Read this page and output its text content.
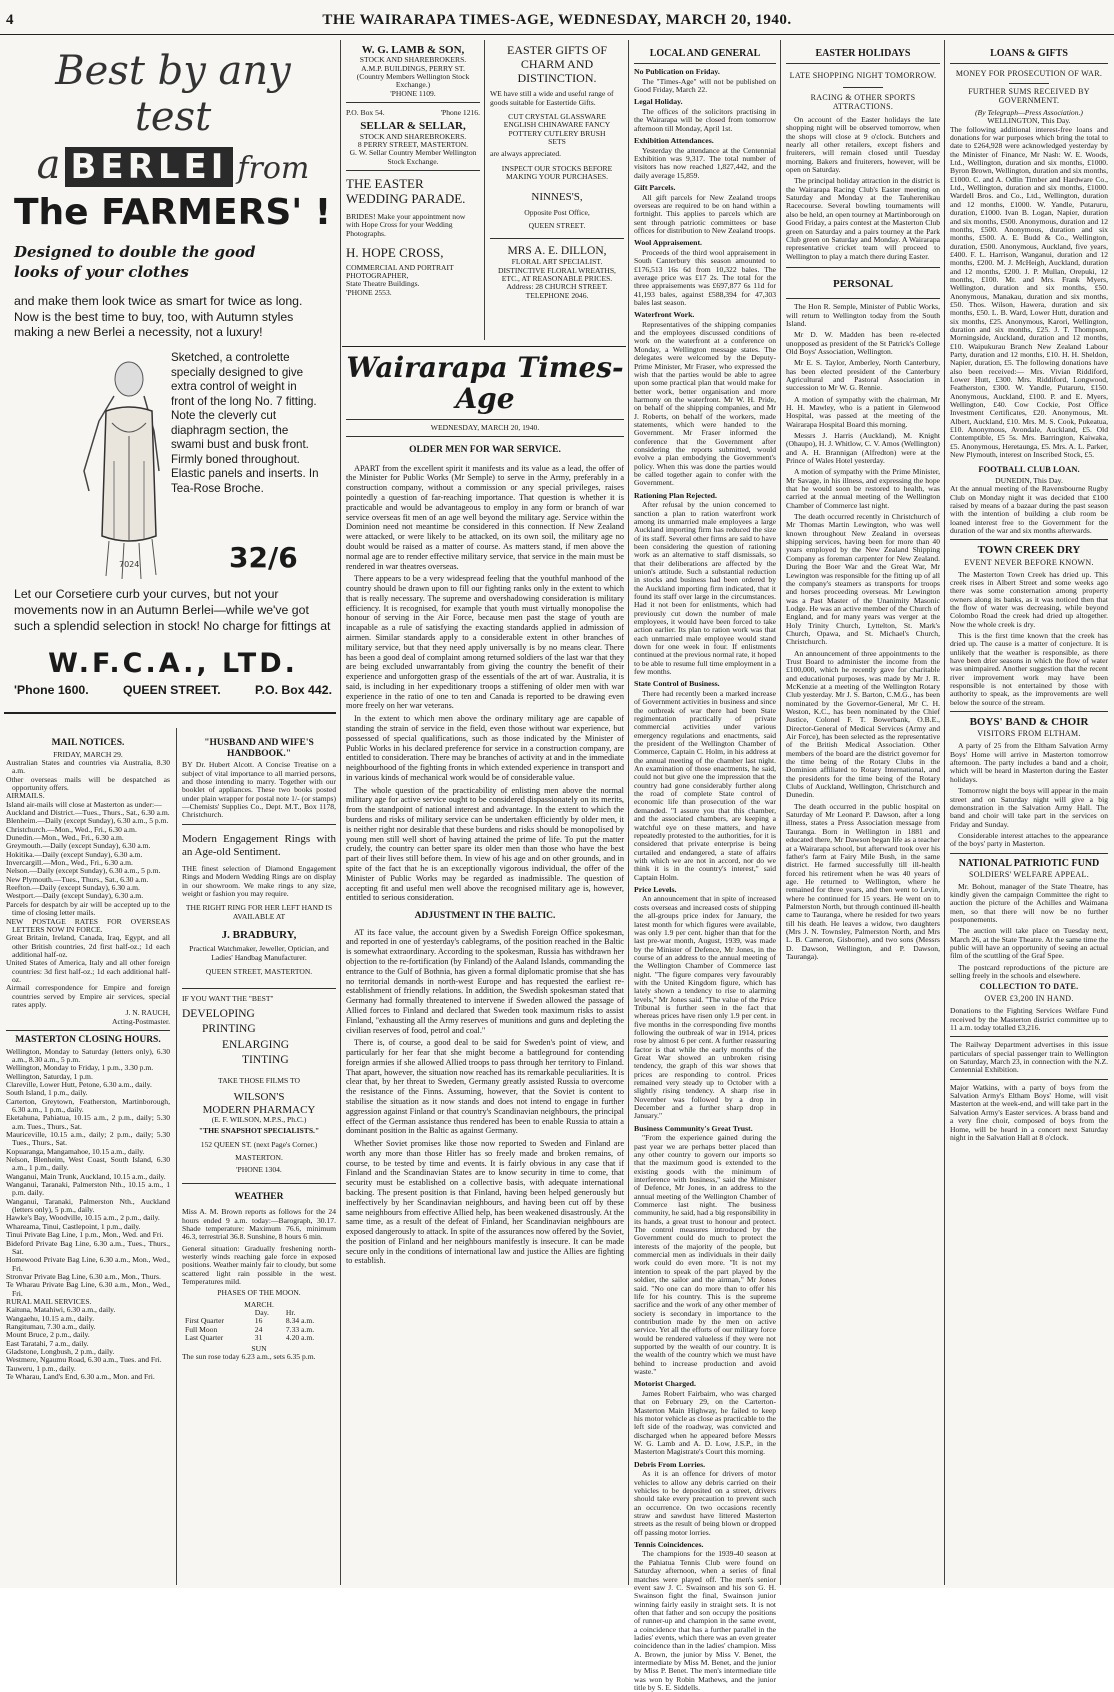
4	THE WAIRARAPA TIMES-AGE, WEDNESDAY, MARCH 20, 1940.
Best by any test
a BERLEI from
The FARMERS' !
Designed to double the good looks of your clothes
and make them look twice as smart for twice as long. Now is the best time to buy, too, with Autumn styles making a new Berlei a necessity, not a luxury!
7024
Sketched, a controlette specially designed to give extra control of weight in front of the long No. 7 fitting. Note the cleverly cut diaphragm section, the swami bust and busk front. Firmly boned throughout. Elastic panels and inserts. In Tea-Rose Broche.
32/6
Let our Corsetiere curb your curves, but not your movements now in an Autumn Berlei—while we've got such a splendid selection in stock! No charge for fittings at
W.F.C.A., LTD.
'Phone 1600.	QUEEN STREET.	P.O. Box 442.
MAIL NOTICES.
FRIDAY, MARCH 29.
Australian States and countries via Australia, 8.30 a.m.
Other overseas mails will be despatched as opportunity offers.
AIRMAILS.
Island air-mails will close at Masterton as under:—
Auckland and District.—Tues., Thurs., Sat., 6.30 a.m.
Blenheim.—Daily (except Sunday), 6.30 a.m., 5 p.m.
Christchurch.—Mon., Wed., Fri., 6.30 a.m.
Dunedin.—Mon., Wed., Fri., 6.30 a.m.
Greymouth.—Daily (except Sunday), 6.30 a.m.
Hokitika.—Daily (except Sunday), 6.30 a.m.
Invercargill.—Mon., Wed., Fri., 6.30 a.m.
Nelson.—Daily (except Sunday), 6.30 a.m., 5 p.m.
New Plymouth.—Tues., Thurs., Sat., 6.30 a.m.
Reefton.—Daily (except Sunday), 6.30 a.m.
Westport.—Daily (except Sunday), 6.30 a.m.
Parcels for despatch by air will be accepted up to the time of closing letter mails.
NEW POSTAGE RATES FOR OVERSEAS LETTERS NOW IN FORCE.
Great Britain, Ireland, Canada, Iraq, Egypt, and all other British countries, 2d first half-oz.; 1d each additional half-oz.
United States of America, Italy and all other foreign countries: 3d first half-oz.; 1d each additional half-oz.
Airmail correspondence for Empire and foreign countries served by Empire air services, special rates apply.
J. N. RAUCH,
Acting-Postmaster.
MASTERTON CLOSING HOURS.
Wellington, Monday to Saturday (letters only), 6.30 a.m., 8.30 a.m., 5 p.m.
Wellington, Monday to Friday, 1 p.m., 3.30 p.m.
Wellington, Saturday, 1 p.m.
Clareville, Lower Hutt, Petone, 6.30 a.m., daily.
South Island, 1 p.m., daily.
Carterton, Greytown, Featherston, Martinborough, 6.30 a.m., 1 p.m., daily.
Eketahuna, Pahiatua, 10.15 a.m., 2 p.m., daily; 5.30 a.m. Tues., Thurs., Sat.
Mauriceville, 10.15 a.m., daily; 2 p.m., daily; 5.30 Tues., Thurs., Sat.
Kopuaranga, Mangamahoe, 10.15 a.m., daily.
Nelson, Blenheim, West Coast, South Island, 6.30 a.m., 1 p.m., daily.
Wanganui, Main Trunk, Auckland, 10.15 a.m., daily.
Wanganui, Taranaki, Palmerston Nth., 10.15 a.m., 1 p.m. daily.
Wanganui, Taranaki, Palmerston Nth., Auckland (letters only), 5 p.m., daily.
Hawke's Bay, Woodville, 10.15 a.m., 2 p.m., daily.
Whareama, Tinui, Castlepoint, 1 p.m., daily.
Tinui Private Bag Line, 1 p.m., Mon., Wed. and Fri.
Bideford Private Bag Line, 6.30 a.m., Tues., Thurs., Sat.
Homewood Private Bag Line, 6.30 a.m., Mon., Wed., Fri.
Stronvar Private Bag Line, 6.30 a.m., Mon., Thurs.
Te Wharau Private Bag Line, 6.30 a.m., Mon., Wed., Fri.
RURAL MAIL SERVICES.
Kaituna, Matahiwi, 6.30 a.m., daily.
Wangaehu, 10.15 a.m., daily.
Rangitumau, 7.30 a.m., daily.
Mount Bruce, 2 p.m., daily.
East Taratahi, 7 a.m., daily.
Gladstone, Longbush, 2 p.m., daily.
Westmere, Ngaumu Road, 6.30 a.m., Tues. and Fri.
Tauweru, 1 p.m., daily.
Te Wharau, Land's End, 6.30 a.m., Mon. and Fri.
"HUSBAND AND WIFE'S HANDBOOK."
BY Dr. Hubert Alcott. A Concise Treatise on a subject of vital importance to all married persons, and those intending to marry. Together with our booklet of appliances. These two books posted under plain wrapper for postal note 1/- (or stamps)—Chemists' Supplies Co., Dept. M.T., Box 1178, Christchurch.
Modern Engagement Rings with an Age-old Sentiment.
THE finest selection of Diamond Engagement Rings and Modern Wedding Rings are on display in our showroom. We make rings to any size, weight or fashion you may require.
THE RIGHT RING FOR HER LEFT HAND IS AVAILABLE AT
J. BRADBURY,
Practical Watchmaker, Jeweller, Optician, and Ladies' Handbag Manufacturer.
QUEEN STREET, MASTERTON.
IF YOU WANT THE "BEST"
DEVELOPING
PRINTING
ENLARGING
TINTING
TAKE THOSE FILMS TO
WILSON'S
MODERN PHARMACY
(E. F. WILSON, M.P.S., Ph.C.)
"THE SNAPSHOT SPECIALISTS."
152 QUEEN ST. (next Page's Corner.)
MASTERTON.
'PHONE 1304.
WEATHER
Miss A. M. Brown reports as follows for the 24 hours ended 9 a.m. today:—Barograph, 30.17. Shade temperature: Maximum 76.6, minimum 46.3, terrestrial 36.8. Sunshine, 8 hours 6 min.
General situation: Gradually freshening north-westerly winds reaching gale force in exposed positions. Weather mainly fair to cloudy, but some scattered light rain possible in the west. Temperatures mild.
PHASES OF THE MOON.
MARCH.
	Day.	Hr.
First Quarter	16	8.34 a.m.
Full Moon	24	7.33 a.m.
Last Quarter	31	4.20 a.m.
SUN
The sun rose today 6.23 a.m., sets 6.35 p.m.
W. G. LAMB & SON,
STOCK AND SHAREBROKERS.
A.M.P. BUILDINGS, PERRY ST.
(Country Members Wellington Stock Exchange.)
'PHONE 1109.
P.O. Box 54.	'Phone 1216.
SELLAR & SELLAR,
STOCK AND SHAREBROKERS.
8 PERRY STREET, MASTERTON.
G. W. Sellar Country Member Wellington Stock Exchange.
THE EASTER WEDDING PARADE.
BRIDES! Make your appointment now with Hope Cross for your Wedding Photographs.
H. HOPE CROSS,
COMMERCIAL AND PORTRAIT PHOTOGRAPHER,
State Theatre Buildings.
'PHONE 2553.
EASTER GIFTS OF CHARM AND DISTINCTION.
WE have still a wide and useful range of goods suitable for Eastertide Gifts.
CUT CRYSTAL GLASSWARE ENGLISH CHINAWARE FANCY POTTERY CUTLERY BRUSH SETS
are always appreciated.
INSPECT OUR STOCKS BEFORE MAKING YOUR PURCHASES.
NINNES'S,
Opposite Post Office,
QUEEN STREET.
MRS A. E. DILLON,
FLORAL ART SPECIALIST.
DISTINCTIVE FLORAL WREATHS, ETC., AT REASONABLE PRICES.
Address: 28 CHURCH STREET.
TELEPHONE 2046.
Wairarapa Times-Age
WEDNESDAY, MARCH 20, 1940.
OLDER MEN FOR WAR SERVICE.

APART from the excellent spirit it manifests and its value as a lead, the offer of the Minister for Public Works (Mr Semple) to serve in the Army, preferably in a construction company, without a commission or any special privileges, raises pointedly a question of far-reaching importance. That question is whether it is practicable and would be advantageous to employ in any form or branch of war service overseas fit men of an age well beyond the military age. Service within the Dominion need not meantime be considered in this connection. If New Zealand were attacked, or were likely to be attacked, on its own soil, the military age no doubt would be raised as a matter of course. As matters stand, if men above the normal age are to render effective military service, that service in the main must be rendered in war theatres overseas.

There appears to be a very widespread feeling that the youthful manhood of the country should be drawn upon to fill our fighting ranks only in the extent to which that is really necessary. The supreme and overshadowing consideration is military efficiency. It is recognised, for example that youth must virtually monopolise the honour of serving in the Air Force, because men past the stage of youth are incapable as a rule of satisfying the exacting standards applied in admission of airmen. Similar standards apply to a considerable extent in other branches of military service, but that they need apply universally is by no means clear. There has been a good deal of complaint among returned soldiers of the last war that they are being excluded unwarrantably from giving the country the benefit of their experience and unforgotten grasp of the essentials of the art of war. Australia, it is said, is including in her expeditionary troops a stiffening of older men with war experience in the ratio of one to ten and Canada is reported to be drawing even more freely on her war veterans.

In the extent to which men above the ordinary military age are capable of standing the strain of service in the field, even those without war experience, but possessed of special qualifications, such as those indicated by the Minister of Public Works in his declared preference for service in a construction company, are entitled to consideration. There may be branches of activity at and in the immediate neighbourhood of the fighting fronts in which extended experience in transport and in various kinds of mechanical work would be of considerable value.

The whole question of the practicability of enlisting men above the normal military age for active service ought to be considered dispassionately on its merits, from the standpoint of national interest and advantage. In the extent to which the burdens and risks of military service can be undertaken efficiently by older men, it is neither right nor desirable that these burdens and risks should be monopolised by young men still well short of having attained the prime of life. To put the matter crudely, the country can better spare its older men than those who have the best part of their lives still before them. In view of his age and on other grounds, and in spite of the fact that he is an exceptionally vigorous individual, the offer of the Minister of Public Works may be regarded as inadmissible. The question of accepting fit and useful men well above the recognised military age is, however, entitled to serious consideration.

ADJUSTMENT IN THE BALTIC.

AT its face value, the account given by a Swedish Foreign Office spokesman, and reported in one of yesterday's cablegrams, of the position reached in the Baltic is somewhat extraordinary. According to the spokesman, Russia has withdrawn her objection to the re-fortification (by Finland) of the Aaland Islands, commanding the entrance to the Gulf of Bothnia, has given a formal diplomatic promise that she has no territorial demands in north-west Europe and has requested the earliest re-establishment of friendly relations. In addition, the Swedish spokesman stated that Germany had formally threatened to intervene if Sweden allowed the passage of Allied forces to Finland and declared that Sweden took maximum risks to assist Finland, "exhausting all the Army reserves of munitions and guns and depleting the civilian reserves of food, petrol and coal."

There is, of course, a good deal to be said for Sweden's point of view, and particularly for her fear that she might become a battleground for contending foreign armies if she allowed Allied troops to pass through her territory to Finland. That apart, however, the situation now reached has its remarkable peculiarities. It is clear that, by her threat to Sweden, Germany greatly assisted Russia to overcome the resistance of the Finns. Assuming, however, that the Soviet is content to stabilise the situation as it now stands and does not intend to engage in further aggression against Finland or that country's Scandinavian neighbours, the principal effect of the German assistance thus rendered has been to enable Russia to attain a dominant position in the Baltic as against Germany.

Whether Soviet promises like those now reported to Sweden and Finland are worth any more than those Hitler has so freely made and broken remains, of course, to be tested by time and events. It is fairly obvious in any case that if Finland and the Scandinavian States are to know security in time to come, that security must be established on a collective basis, with adequate international backing. The present position is that Finland, having been helped generously but ineffectively by her Scandinavian neighbours, and having been cut off by these same neighbours from effective Allied help, has been weakened disastrously. At the same time, as a result of the defeat of Finland, her Scandinavian neighbours are exposed dangerously to attack. In spite of the assurances now offered by the Soviet, the position of Finland and her neighbours manifestly is insecure. It can be made secure only in the conditions of international law and justice the Allies are fighting to establish.

LOCAL AND GENERAL
No Publication on Friday.

The "Times-Age" will not be published on Good Friday, March 22.

Legal Holiday.

The offices of the solicitors practising in the Wairarapa will be closed from tomorrow afternoon till Monday, April 1st.

Exhibition Attendances.

Yesterday the attendance at the Centennial Exhibition was 9,317. The total number of visitors has now reached 1,827,442, and the daily average 15,859.

Gift Parcels.

All gift parcels for New Zealand troops overseas are required to be on hand within a fortnight. This applies to parcels which are sent through patriotic committees or base offices for distribution to New Zealand troops.

Wool Appraisement.

Proceeds of the third wool appraisement in South Canterbury this season amounted to £176,513 16s 6d from 10,322 bales. The average price was £17 2s. The total for the three appraisements was £697,877 6s 11d for 41,193 bales, against £588,394 for 47,303 bales last season.

Waterfront Work.

Representatives of the shipping companies and the employees discussed conditions of work on the waterfront at a conference on Monday, a Wellington message states. The delegates were welcomed by the Deputy-Prime Minister, Mr Fraser, who expressed the wish that the parties would be able to agree upon some practical plan that would make for better work, better organisation and more harmony on the waterfront. Mr W. H. Pride, on behalf of the shipping companies, and Mr J. Roberts, on behalf of the workers, made statements, which were handed to the Government. Mr Fraser informed the conference that the Government after considering the reports submitted, would evolve a plan embodying the Government's policy. When this was done the parties would be called together again to confer with the Government.

Rationing Plan Rejected.

After refusal by the union concerned to sanction a plan to ration waterfront work among its unmarried male employees a large Auckland importing firm has reduced the size of its staff. Several other firms are said to have been considering the question of rationing work as an alternative to staff dismissals, so that their deliberations are affected by the union's attitude. Such a substantial reduction in stocks and business had been ordered by the Auckland importing firm indicated, that it found its staff over large in the circumstances. Had it not been for enlistments, which had previously cut down the number of male employees, it would have been forced to take action earlier. Its plan to ration work was that each unmarried male employee would stand down for one week in four. If enlistments continued at the previous normal rate, it hoped to be able to resume full time employment in a few months.

State Control of Business.

There had recently been a marked increase of Government activities in business and since the outbreak of war there had been State regimentation practically of private commercial activities under various emergency regulations and enactments, said the president of the Wellington Chamber of Commerce, Captain C. Holm, in his address at the annual meeting of the chamber last night. An examination of those enactments, he said, could not but give one the impression that the country had gone considerably further along the road of complete State control of economic life than prosecution of the war demanded. "I assure you that this chamber, and the associated chambers, are keeping a watchful eye on these matters, and have repeatedly protested to the authorities, for it is considered that private enterprise is being curtailed and endangered, a state of affairs with which we are not in accord, nor do we think it is in the country's interest," said Captain Holm.

Price Levels.

An announcement that in spite of increased costs overseas and increased costs of shipping the all-groups price index for January, the latest month for which figures were available, was only 1.9 per cent. higher than that for the last pre-war month, August, 1939, was made by the Minister of Defence, Mr Jones, in the course of an address to the annual meeting of the Wellington Chamber of Commerce last night. "The figure compares very favourably with the United Kingdom figure, which has lately shown a tendency to rise to alarming levels," Mr Jones said. "The value of the Price Tribunal is further seen in the fact that whereas prices have risen only 1.9 per cent. in five months in the corresponding five months following the outbreak of war in 1914, prices rose by almost 6 per cent. A further reassuring factor is that while the early months of the Great War showed an unbroken rising tendency, the graph of this war shows that prices are responding to control. Prices remained very steady up to October with a slightly rising tendency. A sharp rise in November was followed by a drop in December and a further sharp drop in January."

Business Community's Great Trust.

"From the experience gained during the past year we are perhaps better placed than any other country to govern our imports so that the maximum good is extended to the existing goods with the minimum of interference with business," said the Minister of Defence, Mr Jones, in an address to the annual meeting of the Wellington Chamber of Commerce last night. The business community, he said, had a big responsibility in its hands, a great trust to honour and protect. The control measures introduced by the Government could do much to protect the interests of the majority of the people, but commercial men as individuals in their daily work could do even more. "It is not my intention to speak of the part played by the soldier, the sailor and the airman," Mr Jones said. "No one can do more than to offer his life for his country. This is the supreme sacrifice and the work of any other member of society is secondary in importance to the contribution made by the men on active service. Yet all the efforts of our military force would be rendered valueless if they were not supported by the wealth of our country. It is the wealth of the country which we must have behind to increase production and avoid waste."

Motorist Charged.

James Robert Fairbairn, who was charged that on February 29, on the Carterton-Masterton Main Highway, he failed to keep his motor vehicle as close as practicable to the left side of the roadway, was convicted and discharged when he appeared before Messrs W. G. Lamb and A. D. Low, J.S.P., in the Masterton Magistrate's Court this morning.

Debris From Lorries.

As it is an offence for drivers of motor vehicles to allow any debris carried on their vehicles to be deposited on a street, drivers should take every precaution to prevent such an occurrence. On two occasions recently straw and sawdust have littered Masterton streets as the result of being blown or dropped off passing motor lorries.

Tennis Coincidences.

The champions for the 1939-40 season at the Pahiatua Tennis Club were found on Saturday afternoon, when a series of final matches were played off. The men's senior event saw J. C. Swainson and his son G. H. Swainson fight the final, Swainson junior winning fairly easily in straight sets. It is not often that father and son occupy the positions of runner-up and champion in the same event, a coincidence that has a further parallel in the ladies' events, which there was an even greater coincidence than in the ladies' champion. Miss A. Brown, the junior by Miss V. Benet, the intermediate by Miss M. Benet, and the junior by Miss P. Benet. The men's intermediate title was won by Robin Mathews, and the junior title by S. E. Siddells.

EASTER HOLIDAYS
LATE SHOPPING NIGHT TOMORROW.
RACING & OTHER SPORTS ATTRACTIONS.

On account of the Easter holidays the late shopping night will be observed tomorrow, when the shops will close at 9 o'clock. Butchers and nearly all other retailers, except fishers and fruiterers, will remain closed until Tuesday morning. Bakers and fruiterers, however, will be open on Saturday.

The principal holiday attraction in the district is the Wairarapa Racing Club's Easter meeting on Saturday and Monday at the Tauherenikau Racecourse. Several bowling tournaments will also be held, an open tourney at Martinborough on Good Friday, a pairs contest at the Masterton Club green on Saturday and a pairs tourney at the Park Club green on Saturday and Monday. A Wairarapa representative cricket team will proceed to Wellington to play a match there during Easter.

PERSONAL

The Hon R. Semple, Minister of Public Works, will return to Wellington today from the South Island.

Mr D. W. Madden has been re-elected unopposed as president of the St Patrick's College Old Boys' Association, Wellington.

Mr E. S. Taylor, Amberley, North Canterbury, has been elected president of the Canterbury Agricultural and Pastoral Association in succession to Mr W. G. Rennie.

A motion of sympathy with the chairman, Mr H. H. Mawley, who is a patient in Glenwood Hospital, was passed at the meeting of the Wairarapa Hospital Board this morning.

Messrs J. Harris (Auckland), M. Knight (Ohaupo), H. J. Whitlow, C. V. Amos (Wellington) and A. H. Brannigan (Alfredton) were at the Prince of Wales Hotel yesterday.

A motion of sympathy with the Prime Minister, Mr Savage, in his illness, and expressing the hope that he would soon be restored to health, was carried at the annual meeting of the Wellington Chamber of Commerce last night.

The death occurred recently in Christchurch of Mr Thomas Martin Lewington, who was well known throughout New Zealand in overseas shipping services, having been for more than 40 years employed by the New Zealand Shipping Company as foreman carpenter for New Zealand. During the Boer War and the Great War, Mr Lewington was responsible for the fitting up of all the company's steamers as transports for troops and horses proceeding overseas. Mr Lewington was a Past Master of the Unanimity Masonic Lodge. He was an active member of the Church of England, and for many years was verger at the Holy Trinity Church, Lyttelton, St. Mark's Church, Opawa, and St. Michael's Church, Christchurch.

An announcement of three appointments to the Trust Board to administer the income from the £100,000, which he recently gave for charitable and educational purposes, was made by Mr J. R. McKenzie at a meeting of the Wellington Rotary Club yesterday. Mr J. S. Barton, C.M.G., has been nominated by the Governor-General, Mr C. H. Weston, K.C., has been nominated by the Chief Justice, Colonel F. T. Bowerbank, O.B.E., Director-General of Medical Services (Army and Air Force), has been selected as the representative of the British Medical Association. Other members of the board are the district governor for the time being of the Rotary Clubs in the Dominion affiliated to Rotary International, and the presidents for the time being of the Rotary Clubs of Auckland, Wellington, Christchurch and Dunedin.

The death occurred in the public hospital on Saturday of Mr Leonard P. Dawson, after a long illness, states a Press Association message from Tauranga. Born in Wellington in 1881 and educated there, Mr Dawson began life as a teacher at a Wairarapa school, but afterward took over his father's farm at Fairy Mile Bush, in the same district. He farmed successfully till ill-health forced his retirement when he was 40 years of age. He returned to Wellington, where he remained for three years, and then went to Levin, where he continued for 15 years. He went on to Palmerston North, but through continued ill-health came to Tauranga, where he resided for two years till his death. He leaves a widow, two daughters (Mrs J. N. Townsley, Palmerston North, and Mrs L. B. Cameron, Gisborne), and two sons (Messrs D. Dawson, Wellington, and P. Dawson, Tauranga).

LOANS & GIFTS
MONEY FOR PROSECUTION OF WAR.
FURTHER SUMS RECEIVED BY GOVERNMENT.
(By Telegraph—Press Association.)
WELLINGTON, This Day.
The following additional interest-free loans and donations for war purposes which bring the total to date to £264,928 were acknowledged yesterday by the Minister of Finance, Mr Nash: W. E. Woods, Ltd., Wellington, duration and six months, £1000. Byron Brown, Wellington, duration and six months, £1000. C. and A. Odlin Timber and Hardware Co., Ltd., Wellington, duration and six months, £1000. Wardell Bros. and Co., Ltd., Wellington, duration and 12 months, £1000. W. Yandle, Putaruru, duration, £1000. Ivan B. Logan, Napier, duration and six months, £500. Anonymous, duration and 12 months, £500. Anonymous, duration and six months, £500. A. E. Budd & Co., Wellington, duration, £500. Anonymous, Auckland, five years, £400. F. L. Harrison, Wanganui, duration and 12 months, £200. M. J. McHeigh, Auckland, duration and 12 months, £200. J. P. Mullan, Orepuki, 12 months, £100. Mr. and Mrs. Frank Myers, Wellington, duration and six months, £50. Anonymous, Manakau, duration and six months, £50. Thos. Wilson, Hawera, duration and six months, £50. L. B. Ward, Lower Hutt, duration and six months, £25. Anonymous, Karori, Wellington, duration and six months, £25. J. T. Thompson, Morningside, Auckland, duration and 12 months, £10. Waipukurau Branch New Zealand Labour Party, duration and 12 months, £10. H. H. Sheldon, Napier, duration, £5. The following donations have also been received:— Mrs. Vivian Riddiford, Lower Hutt, £300. Mrs. Riddiford, Longwood, Featherston, £300. W. Yandle, Putaruru, £150. Anonymous, Auckland, £100. P. and E. Myers, Wellington, £40. Cow Cockie, Post Office Investment Certificates, £20. Anonymous, Mt. Albert, Auckland, £10. Mrs. M. S. Cook, Pukeatua, £10. Anonymous, Avondale, Auckland, £5. Old Contemptible, £5 5s. Mrs. Barrington, Kaiwaka, £5. Anonymous, Heretaunga, £5. Mrs. A. L. Parker, New Plymouth, interest on Inscribed Stock, £5.
FOOTBALL CLUB LOAN.
DUNEDIN, This Day.
At the annual meeting of the Ravensbourne Rugby Club on Monday night it was decided that £100 raised by means of a bazaar during the past season with the intention of building a club room be loaned interest free to the Government for the duration of the war and six months afterwards.
TOWN CREEK DRY
EVENT NEVER BEFORE KNOWN.

The Masterton Town Creek has dried up. This creek rises in Albert Street and some weeks ago there was some consternation among property owners along its banks, as it was noticed then that the flow of water was decreasing, while beyond Colombo Road the creek had dried up altogether. Now the whole creek is dry.

This is the first time known that the creek has dried up. The cause is a matter of conjecture. It is unlikely that the weather is responsible, as there have been drier seasons in which the flow of water was unimpaired. Another suggestion that the recent river improvement work may have been responsible is not entertained by those with authority to speak, as the improvements are well below the source of the stream.

BOYS' BAND & CHOIR
VISITORS FROM ELTHAM.

A party of 25 from the Eltham Salvation Army Boys' Home will arrive in Masterton tomorrow afternoon. The party includes a band and a choir, which will be heard in Masterton during the Easter holidays.

Tomorrow night the boys will appear in the main street and on Saturday night will give a big demonstration in the Salvation Army Hall. The band and choir will take part in the services on Friday and Sunday.

Considerable interest attaches to the appearance of the boys' party in Masterton.

NATIONAL PATRIOTIC FUND
SOLDIERS' WELFARE APPEAL.

Mr. Bohout, manager of the State Theatre, has kindly given the campaign Committee the right to auction the picture of the Achilles and Waimana men, so that there will now be no further postponements.

The auction will take place on Tuesday next, March 26, at the State Theatre. At the same time the public will have an opportunity of seeing an actual film of the scuttling of the Graf Spee.

The postcard reproductions of the picture are selling freely in the schools and elsewhere.

COLLECTION TO DATE.
OVER £3,200 IN HAND.
Donations to the Fighting Services Welfare Fund received by the Masterton district committee up to 11 a.m. today totalled £3,216.
The Railway Department advertises in this issue particulars of special passenger train to Wellington on Saturday, March 23, in connection with the N.Z. Centennial Exhibition.
Major Watkins, with a party of boys from the Salvation Army's Eltham Boys' Home, will visit Masterton at the week-end, and will take part in the Salvation Army's Easter services. A brass band and a very fine choir, composed of boys from the Home, will be heard in a concert next Saturday night in the Salvation Hall at 8 o'clock.
